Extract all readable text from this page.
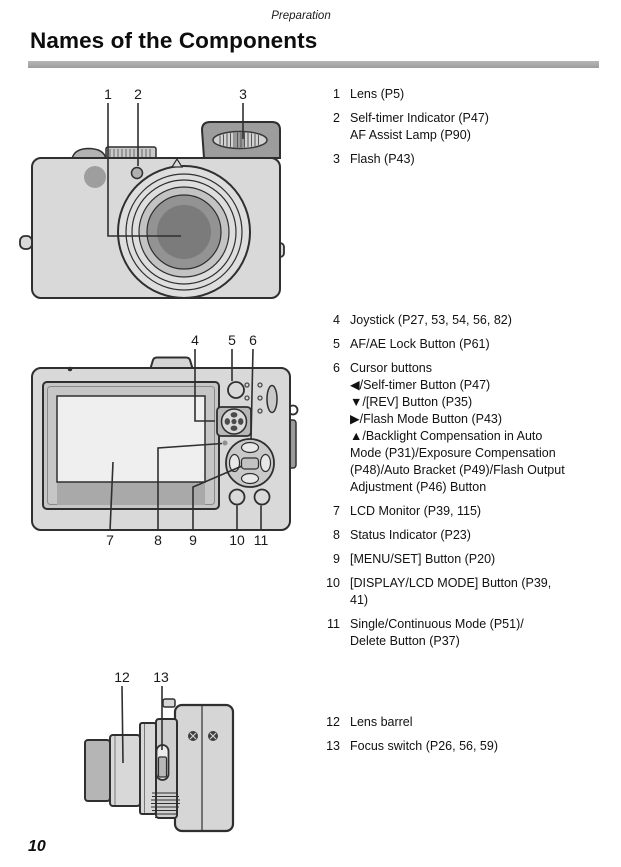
Preparation
Names of the Components
1 2	3
4 5 6
7	8 9 10 11
12 13
1 Lens (P5)
2 Self-timer Indicator (P47)
AF Assist Lamp (P90)
3 Flash (P43)
4 Joystick (P27, 53, 54, 56, 82)
5 AF/AE Lock Button (P61)
6 Cursor buttons
◀/Self-timer Button (P47)
▼/[REV] Button (P35)
▶/Flash Mode Button (P43)
▲/Backlight Compensation in Auto
Mode (P31)/Exposure Compensation
(P48)/Auto Bracket (P49)/Flash Output
Adjustment (P46) Button
7 LCD Monitor (P39, 115)
8 Status Indicator (P23)
9 [MENU/SET] Button (P20)
10 [DISPLAY/LCD MODE] Button (P39,
41)
11 Single/Continuous Mode (P51)/
Delete Button (P37)
12 Lens barrel
13 Focus switch (P26, 56, 59)
10
